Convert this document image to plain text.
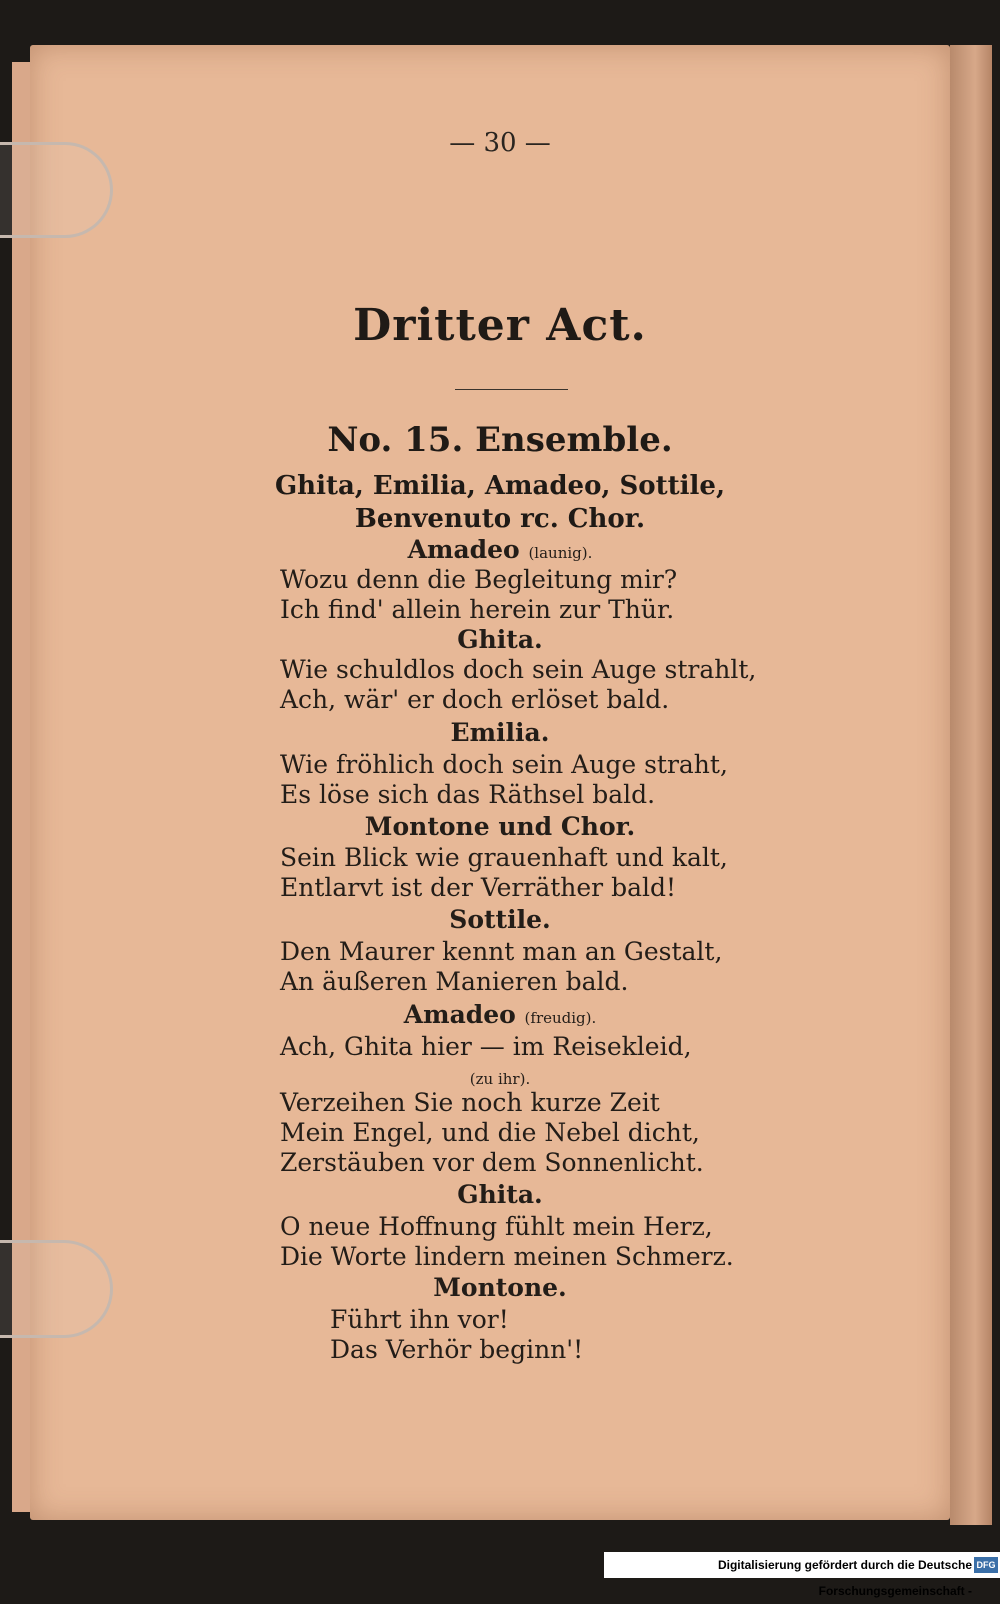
— 30 —
Dritter Act.
No. 15. Ensemble.
Ghita, Emilia, Amadeo, Sottile,
Benvenuto rc. Chor.
Amadeo (launig).
Wozu denn die Begleitung mir?
Ich find' allein herein zur Thür.
Ghita.
Wie schuldlos doch sein Auge strahlt,
Ach, wär' er doch erlöset bald.
Emilia.
Wie fröhlich doch sein Auge straht,
Es löse sich das Räthsel bald.
Montone und Chor.
Sein Blick wie grauenhaft und kalt,
Entlarvt ist der Verräther bald!
Sottile.
Den Maurer kennt man an Gestalt,
An äußeren Manieren bald.
Amadeo (freudig).
Ach, Ghita hier — im Reisekleid,
(zu ihr).
Verzeihen Sie noch kurze Zeit
Mein Engel, und die Nebel dicht,
Zerstäuben vor dem Sonnenlicht.
Ghita.
O neue Hoffnung fühlt mein Herz,
Die Worte lindern meinen Schmerz.
Montone.
Führt ihn vor!
Das Verhör beginn'!
Digitalisierung gefördert durch die Deutsche Forschungsgemeinschaft -
DFG
